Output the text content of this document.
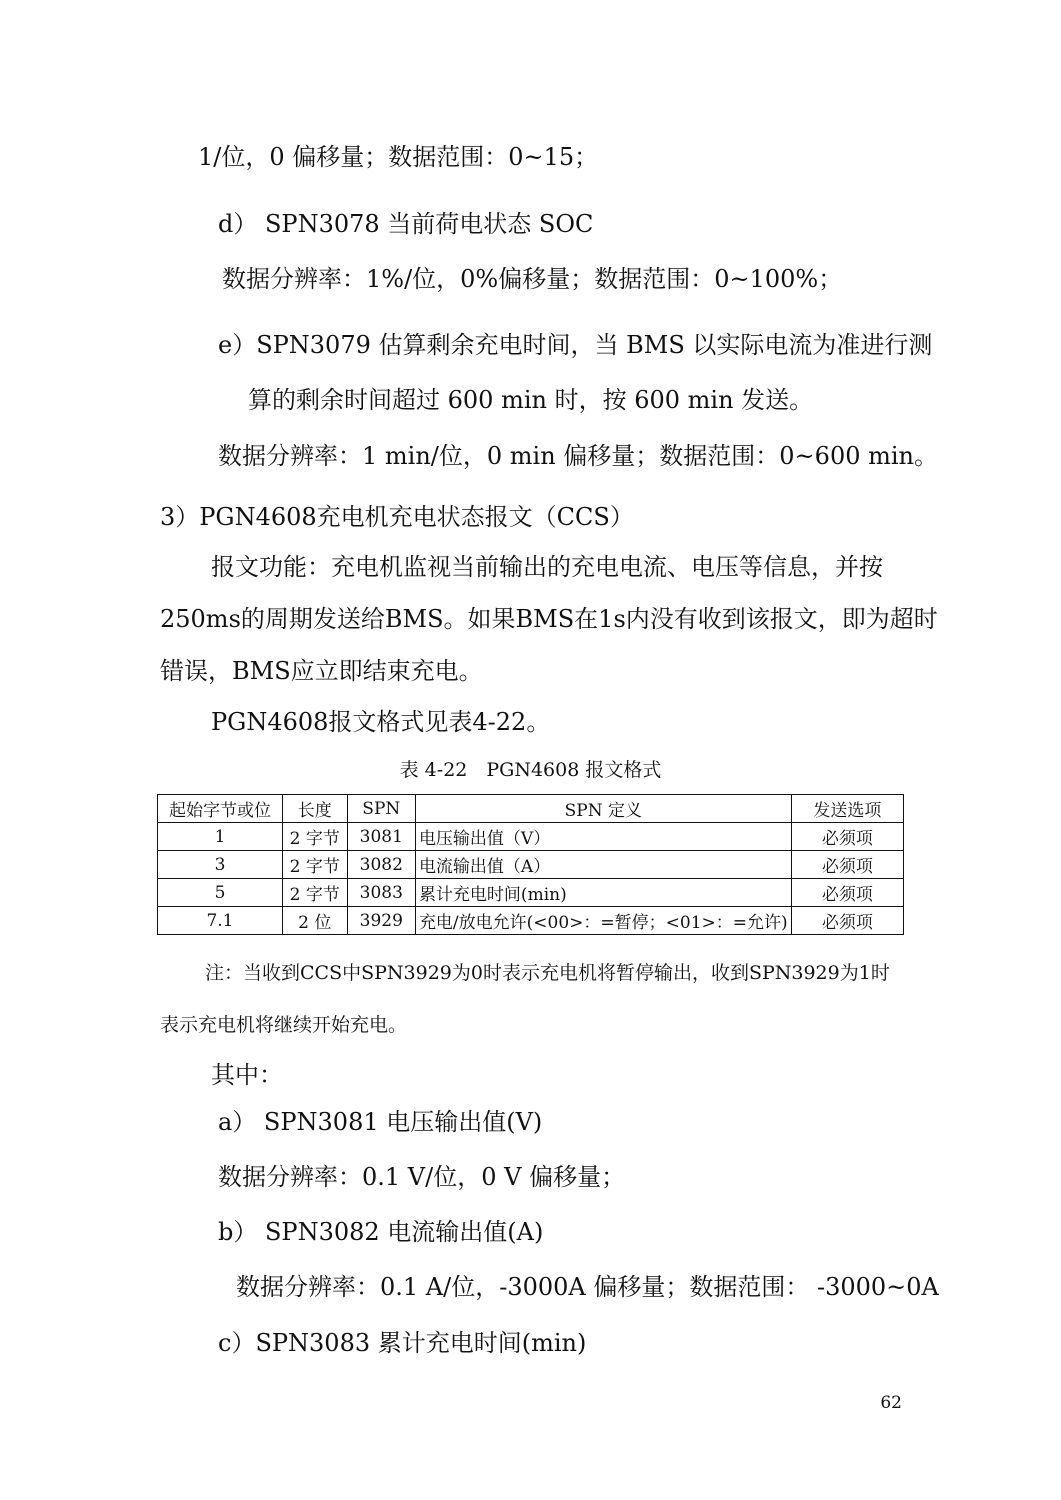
1/位，0 偏移量；数据范围：0~15；
d） SPN3078 当前荷电状态 SOC
数据分辨率：1%/位，0%偏移量；数据范围：0~100%；
e）SPN3079 估算剩余充电时间，当 BMS 以实际电流为准进行测
算的剩余时间超过 600 min 时，按 600 min 发送。
数据分辨率：1 min/位，0 min 偏移量；数据范围：0~600 min。
3）PGN4608充电机充电状态报文（CCS）
报文功能：充电机监视当前输出的充电电流、电压等信息，并按
250ms的周期发送给BMS。如果BMS在1s内没有收到该报文，即为超时
错误，BMS应立即结束充电。
PGN4608报文格式见表4-22。
表 4-22　PGN4608 报文格式
起始字节或位	长度	SPN	SPN 定义	发送选项
1	2 字节	3081	电压输出值（V）	必须项
3	2 字节	3082	电流输出值（A）	必须项
5	2 字节	3083	累计充电时间(min)	必须项
7.1	2 位	3929	充电/放电允许(<00>：=暂停；<01>：=允许)	必须项
注：当收到CCS中SPN3929为0时表示充电机将暂停输出，收到SPN3929为1时
表示充电机将继续开始充电。
其中：
a） SPN3081 电压输出值(V)
数据分辨率：0.1 V/位，0 V 偏移量；
b） SPN3082 电流输出值(A)
数据分辨率：0.1 A/位，-3000A 偏移量；数据范围： -3000~0A
c）SPN3083 累计充电时间(min)
62
